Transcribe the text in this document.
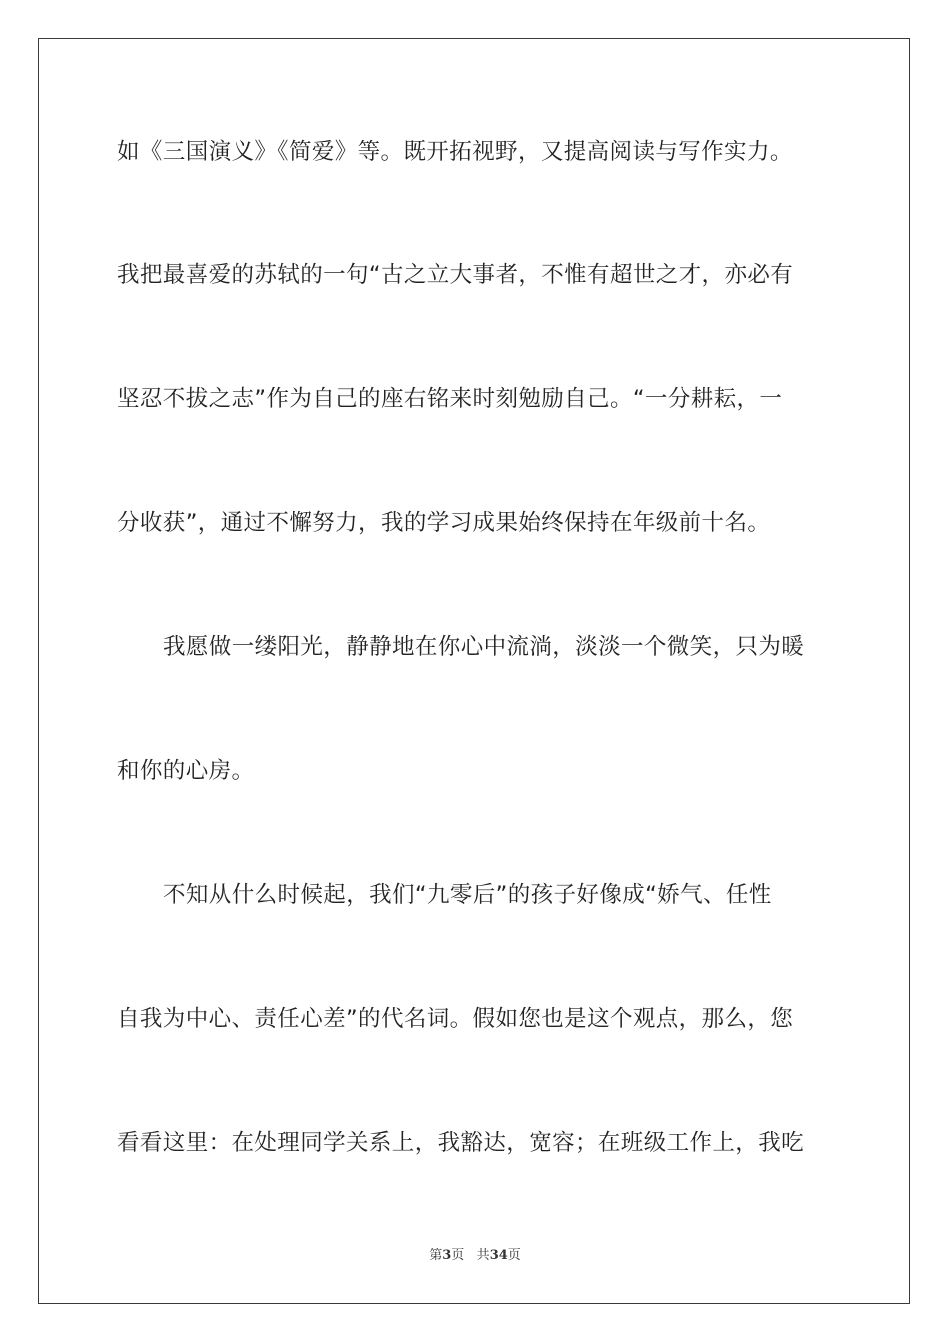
如《三国演义》《简爱》等。既开拓视野，又提高阅读与写作实力。
我把最喜爱的苏轼的一句“古之立大事者，不惟有超世之才，亦必有
坚忍不拔之志”作为自己的座右铭来时刻勉励自己。“一分耕耘，一
分收获”，通过不懈努力，我的学习成果始终保持在年级前十名。
我愿做一缕阳光，静静地在你心中流淌，淡淡一个微笑，只为暖
和你的心房。
不知从什么时候起，我们“九零后”的孩子好像成“娇气、任性
自我为中心、责任心差”的代名词。假如您也是这个观点，那么，您
看看这里：在处理同学关系上，我豁达，宽容；在班级工作上，我吃
第3页 共34页
